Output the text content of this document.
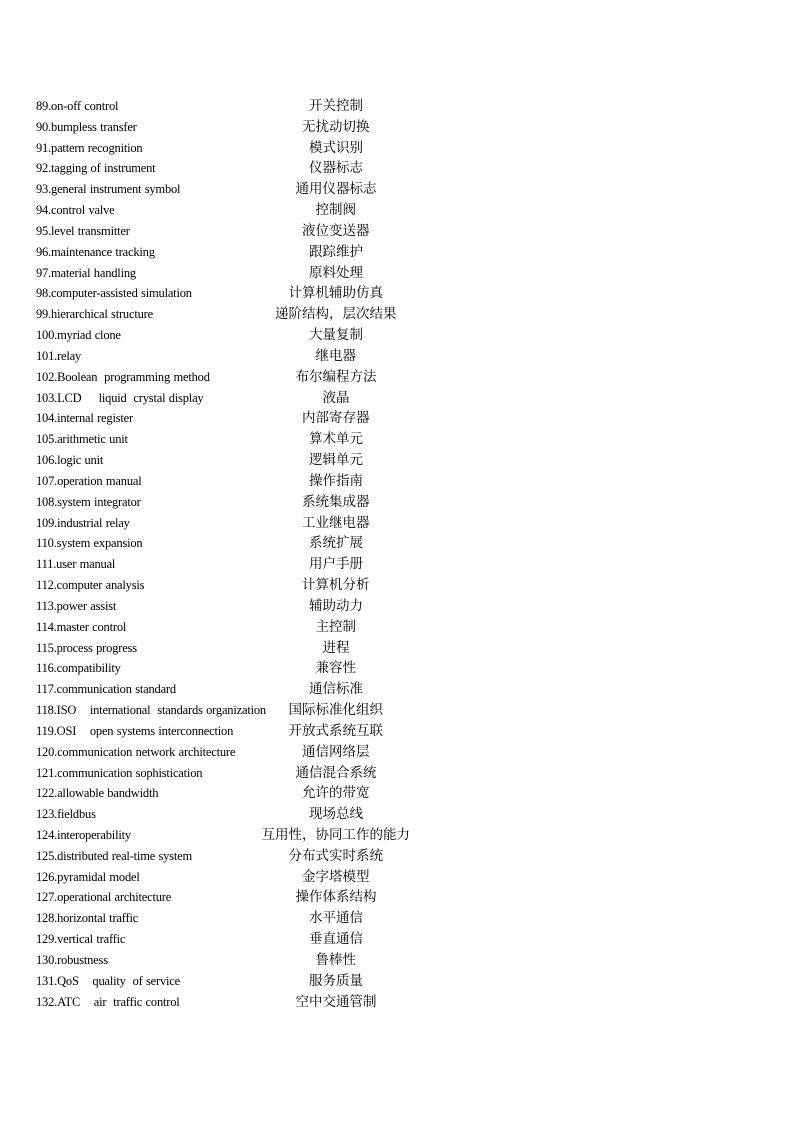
89.on-off control	开关控制
90.bumpless transfer	无扰动切换
91.pattern recognition	模式识别
92.tagging of instrument	仪器标志
93.general instrument symbol	通用仪器标志
94.control valve	控制阀
95.level transmitter	液位变送器
96.maintenance tracking	跟踪维护
97.material handling	原料处理
98.computer-assisted simulation	计算机辅助仿真
99.hierarchical structure	递阶结构，层次结果
100.myriad clone	大量复制
101.relay	继电器
102.Boolean  programming method	布尔编程方法
103.LCD     liquid  crystal display	液晶
104.internal register	内部寄存器
105.arithmetic unit	算术单元
106.logic unit	逻辑单元
107.operation manual	操作指南
108.system integrator	系统集成器
109.industrial relay	工业继电器
110.system expansion	系统扩展
111.user manual	用户手册
112.computer analysis	计算机分析
113.power assist	辅助动力
114.master control	主控制
115.process progress	进程
116.compatibility	兼容性
117.communication standard	通信标准
118.ISO    international  standards organization 国际标准化组织
119.OSI    open systems interconnection	开放式系统互联
120.communication network architecture	通信网络层
121.communication sophistication	通信混合系统
122.allowable bandwidth	允许的带宽
123.fieldbus	现场总线
124.interoperability	互用性，协同工作的能力
125.distributed real-time system	分布式实时系统
126.pyramidal model	金字塔模型
127.operational architecture	操作体系结构
128.horizontal traffic	水平通信
129.vertical traffic	垂直通信
130.robustness	鲁棒性
131.QoS    quality  of service	服务质量
132.ATC    air  traffic control	空中交通管制
